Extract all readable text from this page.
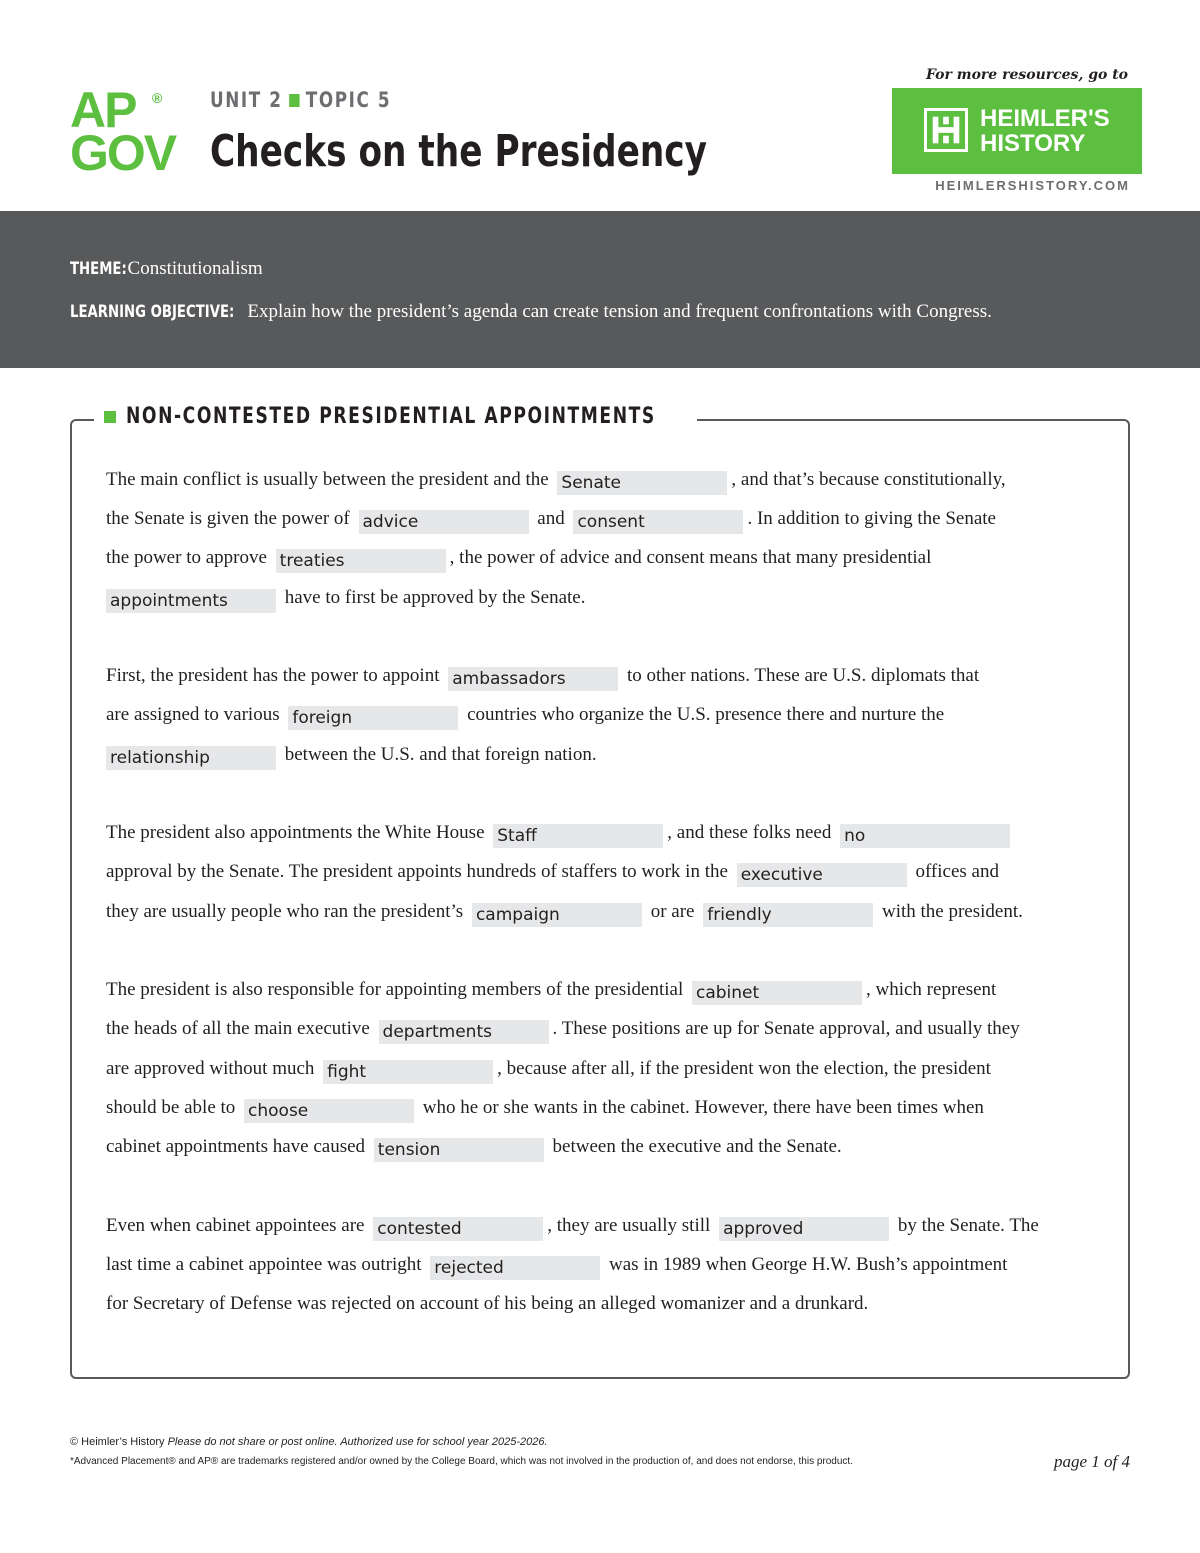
AP ®
GOV
UNIT 2 TOPIC 5
Checks on the Presidency
For more resources, go to
HEIMLER'S
HISTORY
HEIMLERSHISTORY.COM
THEME: Constitutionalism
LEARNING OBJECTIVE: Explain how the president’s agenda can create tension and frequent confrontations with Congress.
NON-CONTESTED PRESIDENTIAL APPOINTMENTS

The main conflict is usually between the president and the Senate	, and that’s because constitutionally,
the Senate is given the power of advice	and consent	. In addition to giving the Senate
the power to approve treaties	, the power of advice and consent means that many presidential
appointments	have to first be approved by the Senate.

First, the president has the power to appoint ambassadors	to other nations. These are U.S. diplomats that
are assigned to various foreign	countries who organize the U.S. presence there and nurture the
relationship	between the U.S. and that foreign nation.

The president also appointments the White House Staff	, and these folks need no
approval by the Senate. The president appoints hundreds of staffers to work in the executive	offices and
they are usually people who ran the president’s campaign	or are friendly	with the president.

The president is also responsible for appointing members of the presidential cabinet	, which represent
the heads of all the main executive departments	. These positions are up for Senate approval, and usually they
are approved without much fight	, because after all, if the president won the election, the president
should be able to choose	who he or she wants in the cabinet. However, there have been times when
cabinet appointments have caused tension	between the executive and the Senate.

Even when cabinet appointees are contested	, they are usually still approved	by the Senate. The
last time a cabinet appointee was outright rejected	was in 1989 when George H.W. Bush’s appointment
for Secretary of Defense was rejected on account of his being an alleged womanizer and a drunkard.

© Heimler’s History Please do not share or post online. Authorized use for school year 2025-2026.
*Advanced Placement® and AP® are trademarks registered and/or owned by the College Board, which was not involved in the production of, and does not endorse, this product.	page 1 of 4
